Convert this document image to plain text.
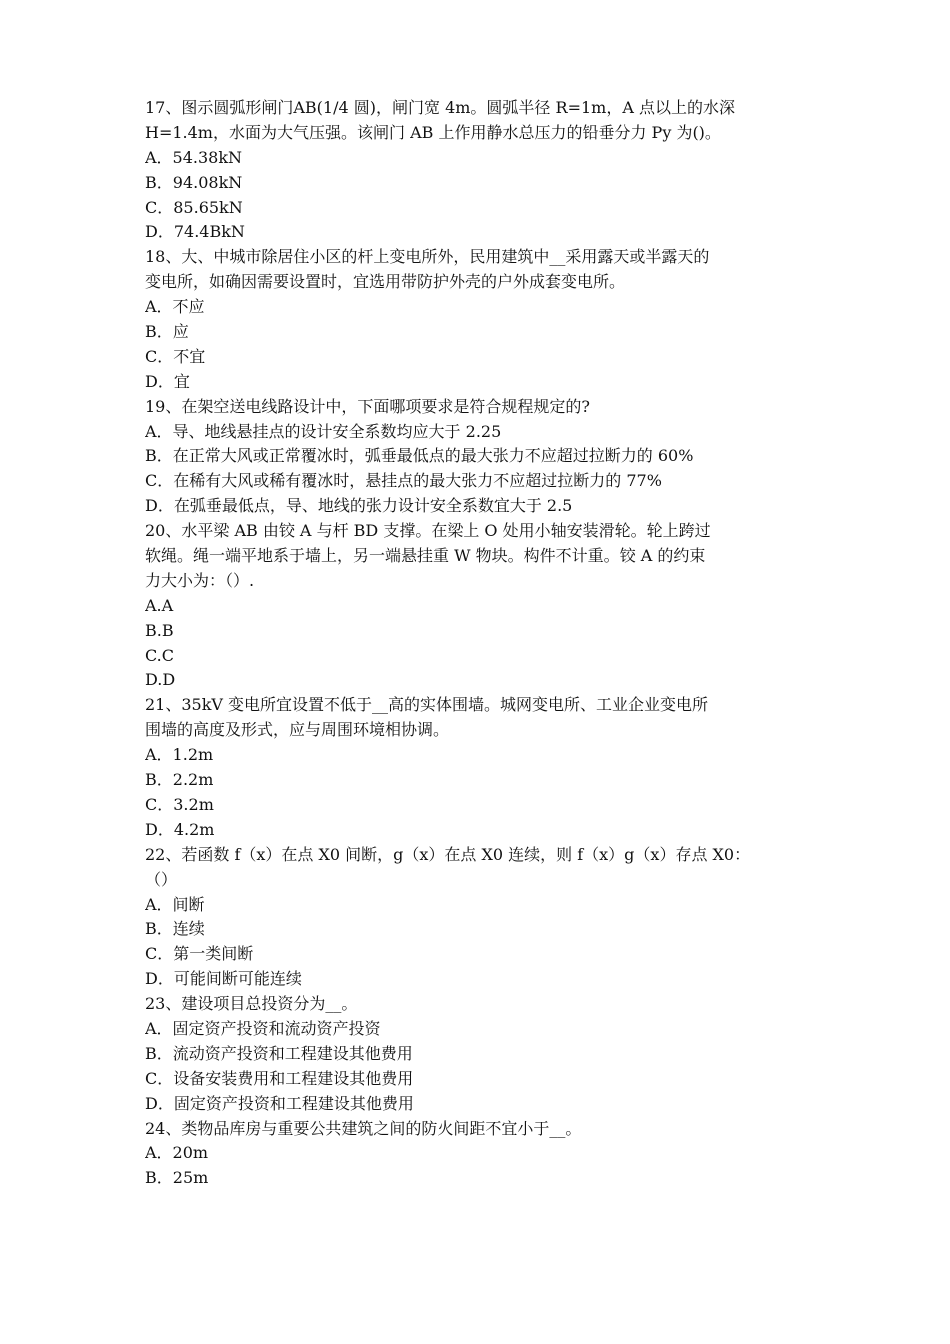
17、图示圆弧形闸门AB(1/4 圆)，闸门宽 4m。圆弧半径 R=1m，A 点以上的水深
H=1.4m，水面为大气压强。该闸门 AB 上作用静水总压力的铅垂分力 Py 为()。
A．54.38kN
B．94.08kN
C．85.65kN
D．74.4BkN
18、大、中城市除居住小区的杆上变电所外，民用建筑中__采用露天或半露天的
变电所，如确因需要设置时，宜选用带防护外壳的户外成套变电所。
A．不应
B．应
C．不宜
D．宜
19、在架空送电线路设计中，下面哪项要求是符合规程规定的?
A．导、地线悬挂点的设计安全系数均应大于 2.25
B．在正常大风或正常覆冰时，弧垂最低点的最大张力不应超过拉断力的 60%
C．在稀有大风或稀有覆冰时，悬挂点的最大张力不应超过拉断力的 77%
D．在弧垂最低点，导、地线的张力设计安全系数宜大于 2.5
20、水平梁 AB 由铰 A 与杆 BD 支撑。在梁上 O 处用小轴安装滑轮。轮上跨过
软绳。绳一端平地系于墙上，另一端悬挂重 W 物块。构件不计重。铰 A 的约束
力大小为：（）.
A.A
B.B
C.C
D.D
21、35kV 变电所宜设置不低于__高的实体围墙。城网变电所、工业企业变电所
围墙的高度及形式，应与周围环境相协调。
A．1.2m
B．2.2m
C．3.2m
D．4.2m
22、若函数 f（x）在点 X0 间断，g（x）在点 X0 连续，则 f（x）g（x）存点 X0：
（）
A．间断
B．连续
C．第一类间断
D．可能间断可能连续
23、建设项目总投资分为__。
A．固定资产投资和流动资产投资
B．流动资产投资和工程建设其他费用
C．设备安装费用和工程建设其他费用
D．固定资产投资和工程建设其他费用
24、类物品库房与重要公共建筑之间的防火间距不宜小于__。
A．20m
B．25m
